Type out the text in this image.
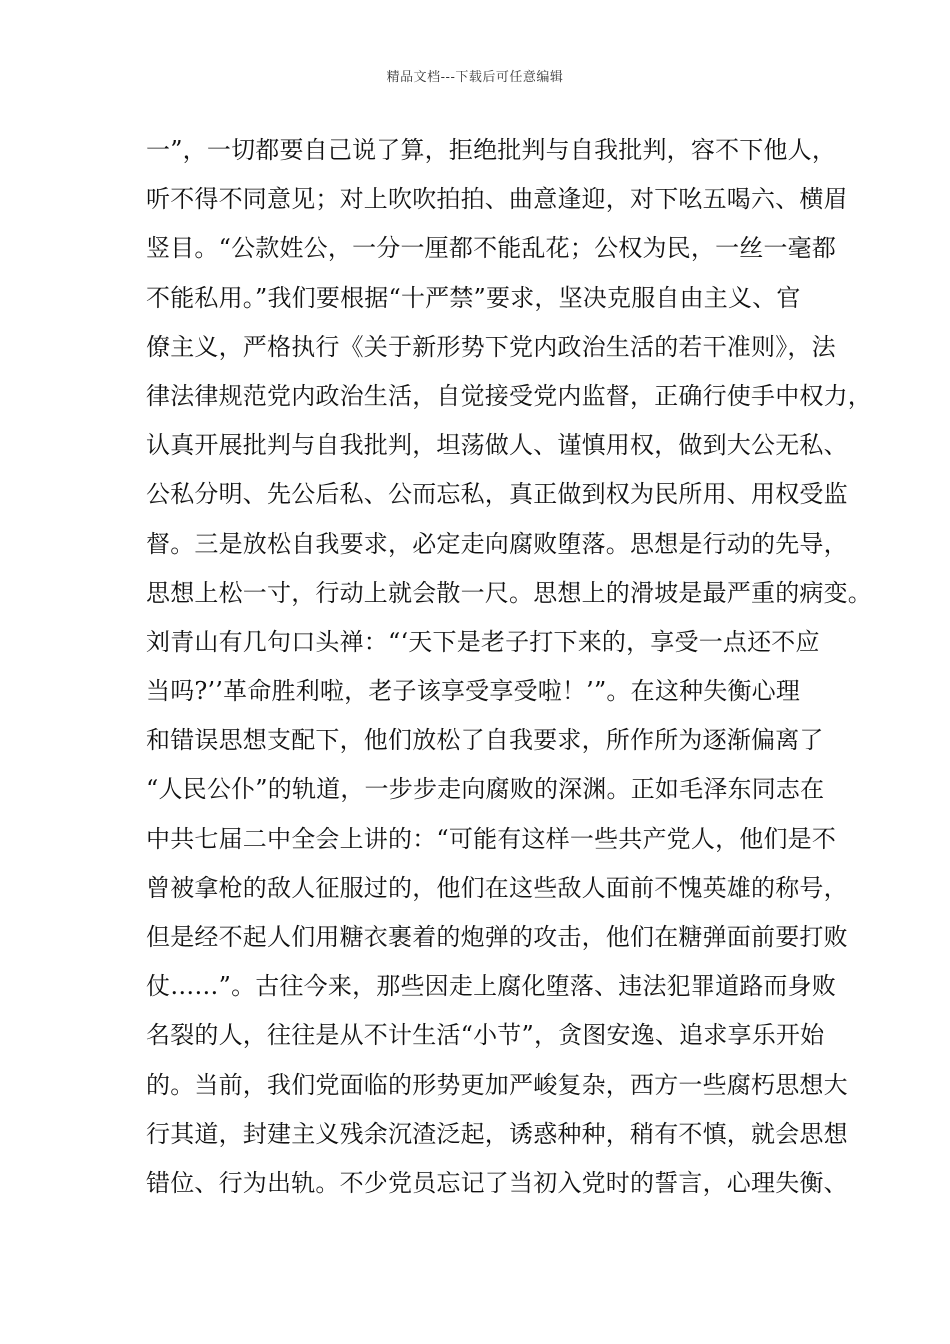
精品文档---下载后可任意编辑
一”，一切都要自己说了算，拒绝批判与自我批判，容不下他人，
听不得不同意见；对上吹吹拍拍、曲意逢迎，对下吆五喝六、横眉
竖目。“公款姓公，一分一厘都不能乱花；公权为民，一丝一毫都
不能私用。”我们要根据“十严禁”要求，坚决克服自由主义、官
僚主义，严格执行《关于新形势下党内政治生活的若干准则》，法
律法律规范党内政治生活，自觉接受党内监督，正确行使手中权力，
认真开展批判与自我批判，坦荡做人、谨慎用权，做到大公无私、
公私分明、先公后私、公而忘私，真正做到权为民所用、用权受监
督。三是放松自我要求，必定走向腐败堕落。思想是行动的先导，
思想上松一寸，行动上就会散一尺。思想上的滑坡是最严重的病变。
刘青山有几句口头禅：“‘天下是老子打下来的，享受一点还不应
当吗?’’革命胜利啦，老子该享受享受啦！’”。在这种失衡心理
和错误思想支配下，他们放松了自我要求，所作所为逐渐偏离了
“人民公仆”的轨道，一步步走向腐败的深渊。正如毛泽东同志在
中共七届二中全会上讲的：“可能有这样一些共产党人，他们是不
曾被拿枪的敌人征服过的，他们在这些敌人面前不愧英雄的称号，
但是经不起人们用糖衣裹着的炮弹的攻击，他们在糖弹面前要打败
仗……”。古往今来，那些因走上腐化堕落、违法犯罪道路而身败
名裂的人，往往是从不计生活“小节”，贪图安逸、追求享乐开始
的。当前，我们党面临的形势更加严峻复杂，西方一些腐朽思想大
行其道，封建主义残余沉渣泛起，诱惑种种，稍有不慎，就会思想
错位、行为出轨。不少党员忘记了当初入党时的誓言，心理失衡、
